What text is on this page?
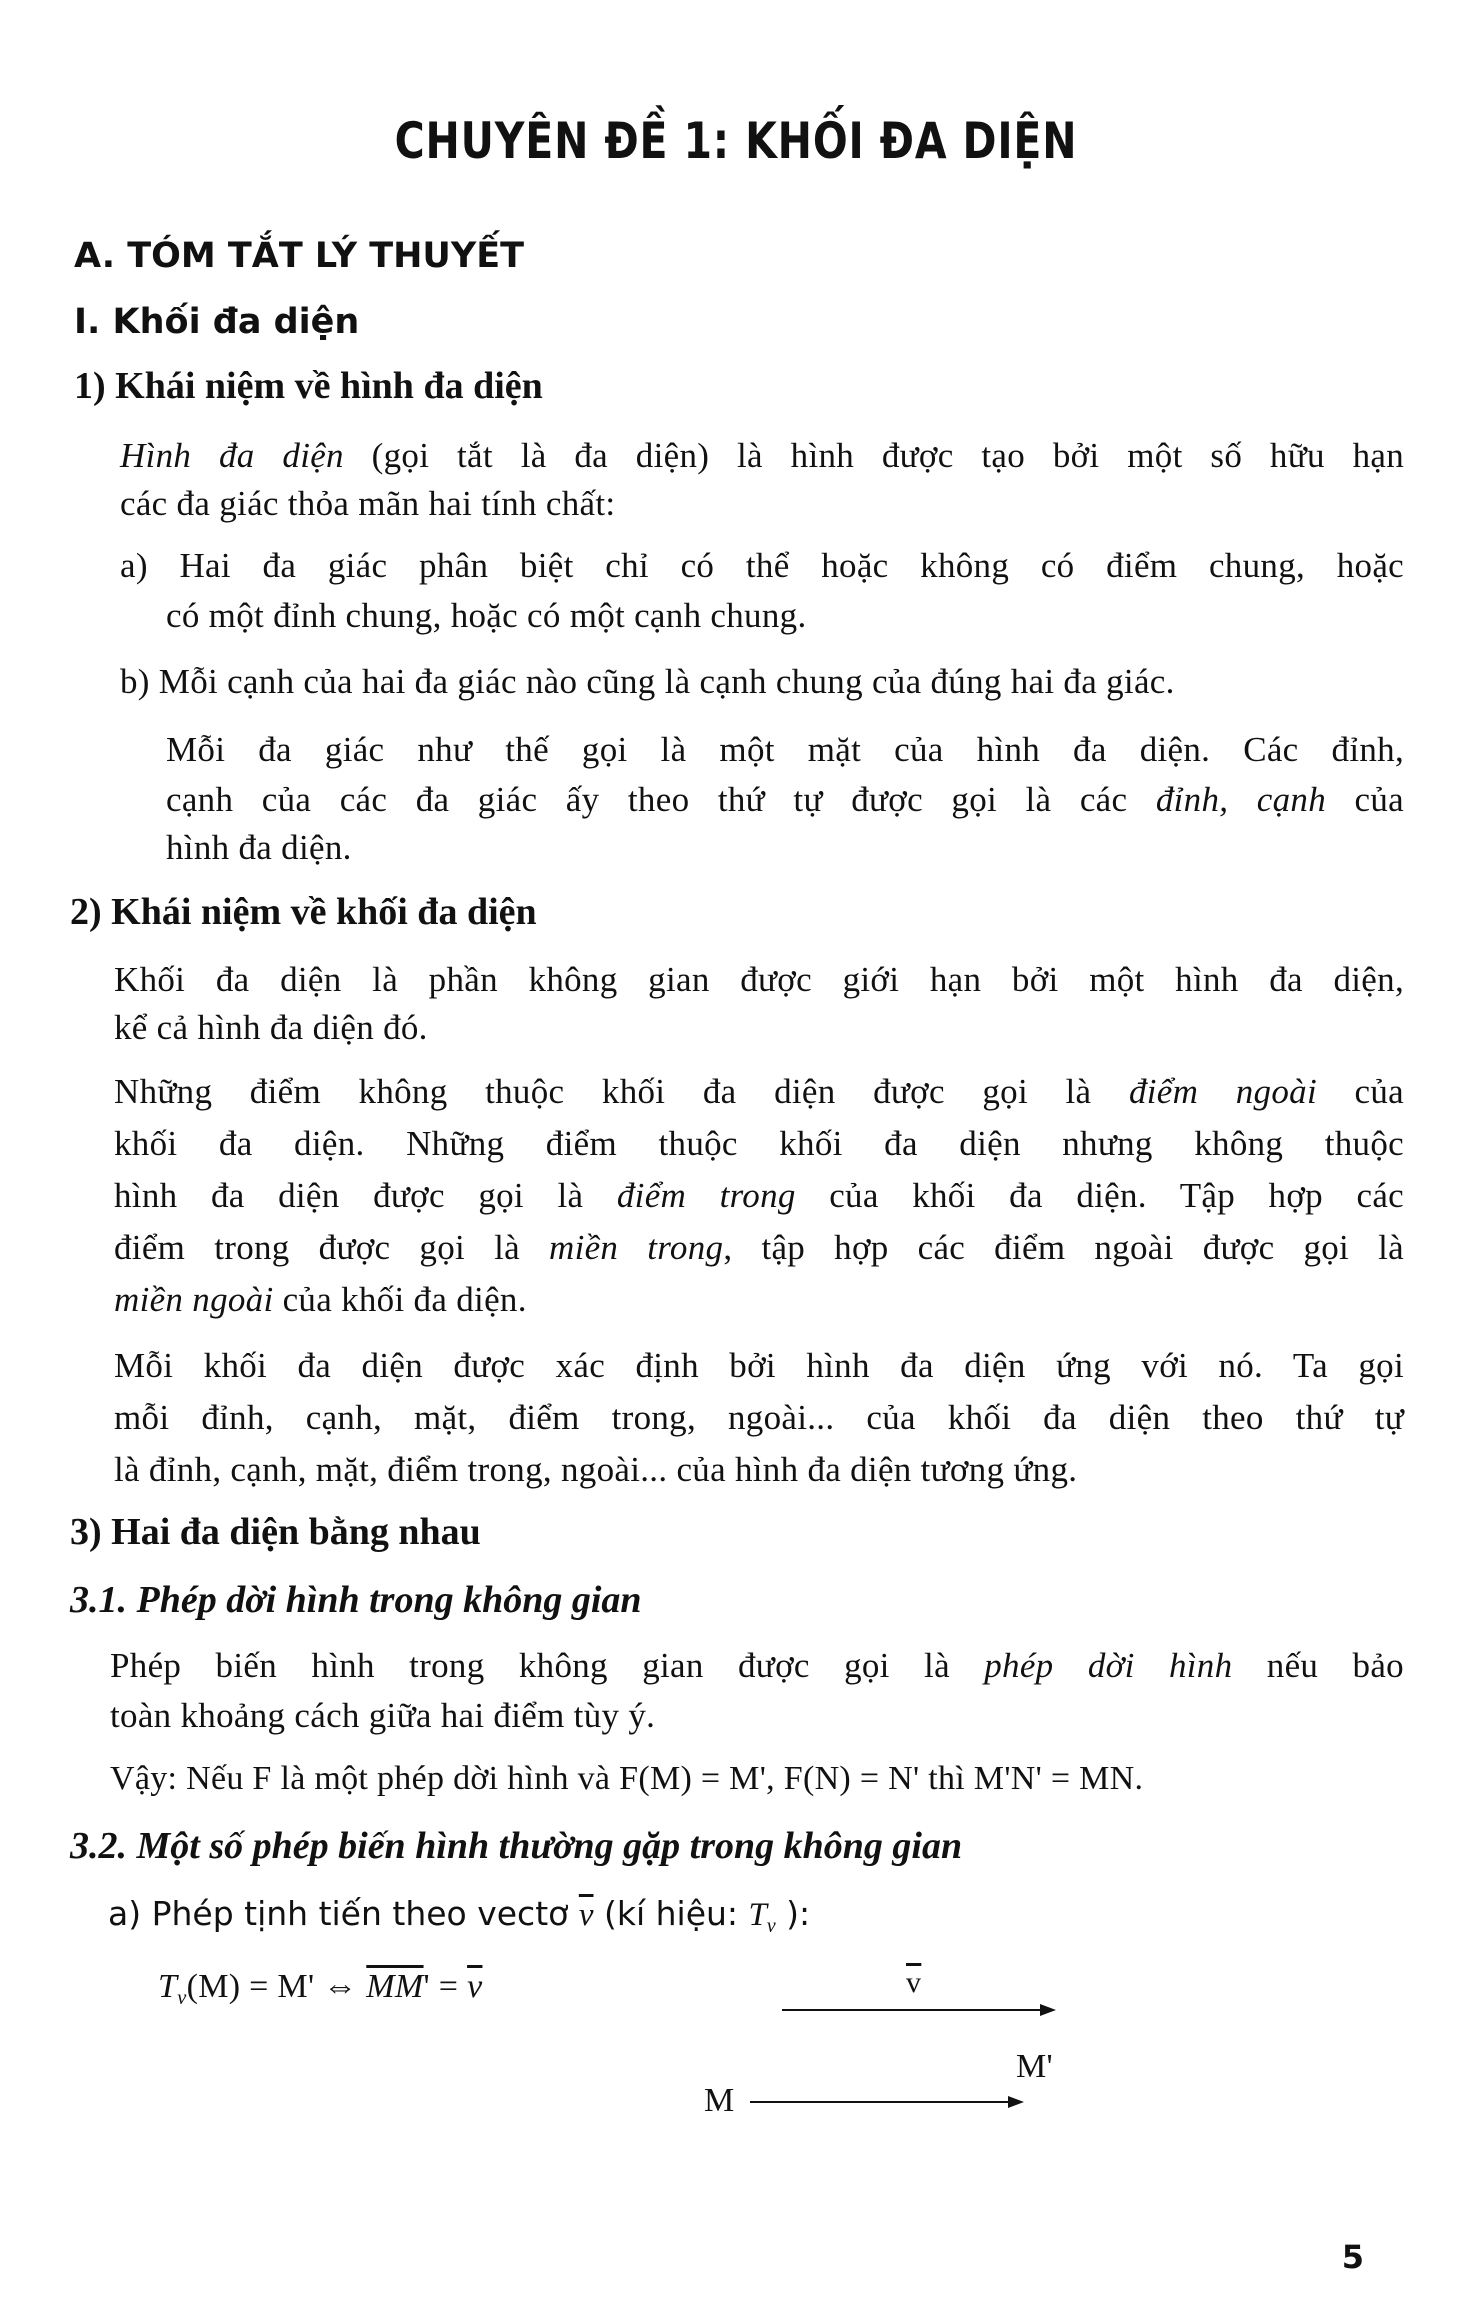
CHUYÊN ĐỀ 1: KHỐI ĐA DIỆN
A. TÓM TẮT LÝ THUYẾT
I. Khối đa diện
1) Khái niệm về hình đa diện
Hình đa diện (gọi tắt là đa diện) là hình được tạo bởi một số hữu hạn
các đa giác thỏa mãn hai tính chất:
a) Hai đa giác phân biệt chỉ có thể hoặc không có điểm chung, hoặc
có một đỉnh chung, hoặc có một cạnh chung.
b) Mỗi cạnh của hai đa giác nào cũng là cạnh chung của đúng hai đa giác.
Mỗi đa giác như thế gọi là một mặt của hình đa diện. Các đỉnh,
cạnh của các đa giác ấy theo thứ tự được gọi là các đỉnh, cạnh của
hình đa diện.
2) Khái niệm về khối đa diện
Khối đa diện là phần không gian được giới hạn bởi một hình đa diện,
kể cả hình đa diện đó.
Những điểm không thuộc khối đa diện được gọi là điểm ngoài của
khối đa diện. Những điểm thuộc khối đa diện nhưng không thuộc
hình đa diện được gọi là điểm trong của khối đa diện. Tập hợp các
điểm trong được gọi là miền trong, tập hợp các điểm ngoài được gọi là
miền ngoài của khối đa diện.
Mỗi khối đa diện được xác định bởi hình đa diện ứng với nó. Ta gọi
mỗi đỉnh, cạnh, mặt, điểm trong, ngoài... của khối đa diện theo thứ tự
là đỉnh, cạnh, mặt, điểm trong, ngoài... của hình đa diện tương ứng.
3) Hai đa diện bằng nhau
3.1. Phép dời hình trong không gian
Phép biến hình trong không gian được gọi là phép dời hình nếu bảo
toàn khoảng cách giữa hai điểm tùy ý.
Vậy: Nếu F là một phép dời hình và F(M) = M', F(N) = N' thì M'N' = MN.
3.2. Một số phép biến hình thường gặp trong không gian
a) Phép tịnh tiến theo vectơ $\overline{v}$ (kí hiệu: $T_v$ ):
$T_v(M) = M'$ ⇔ $\overline{MM}' = \overline{v}$	$\overline{v}$
M
M'
5
